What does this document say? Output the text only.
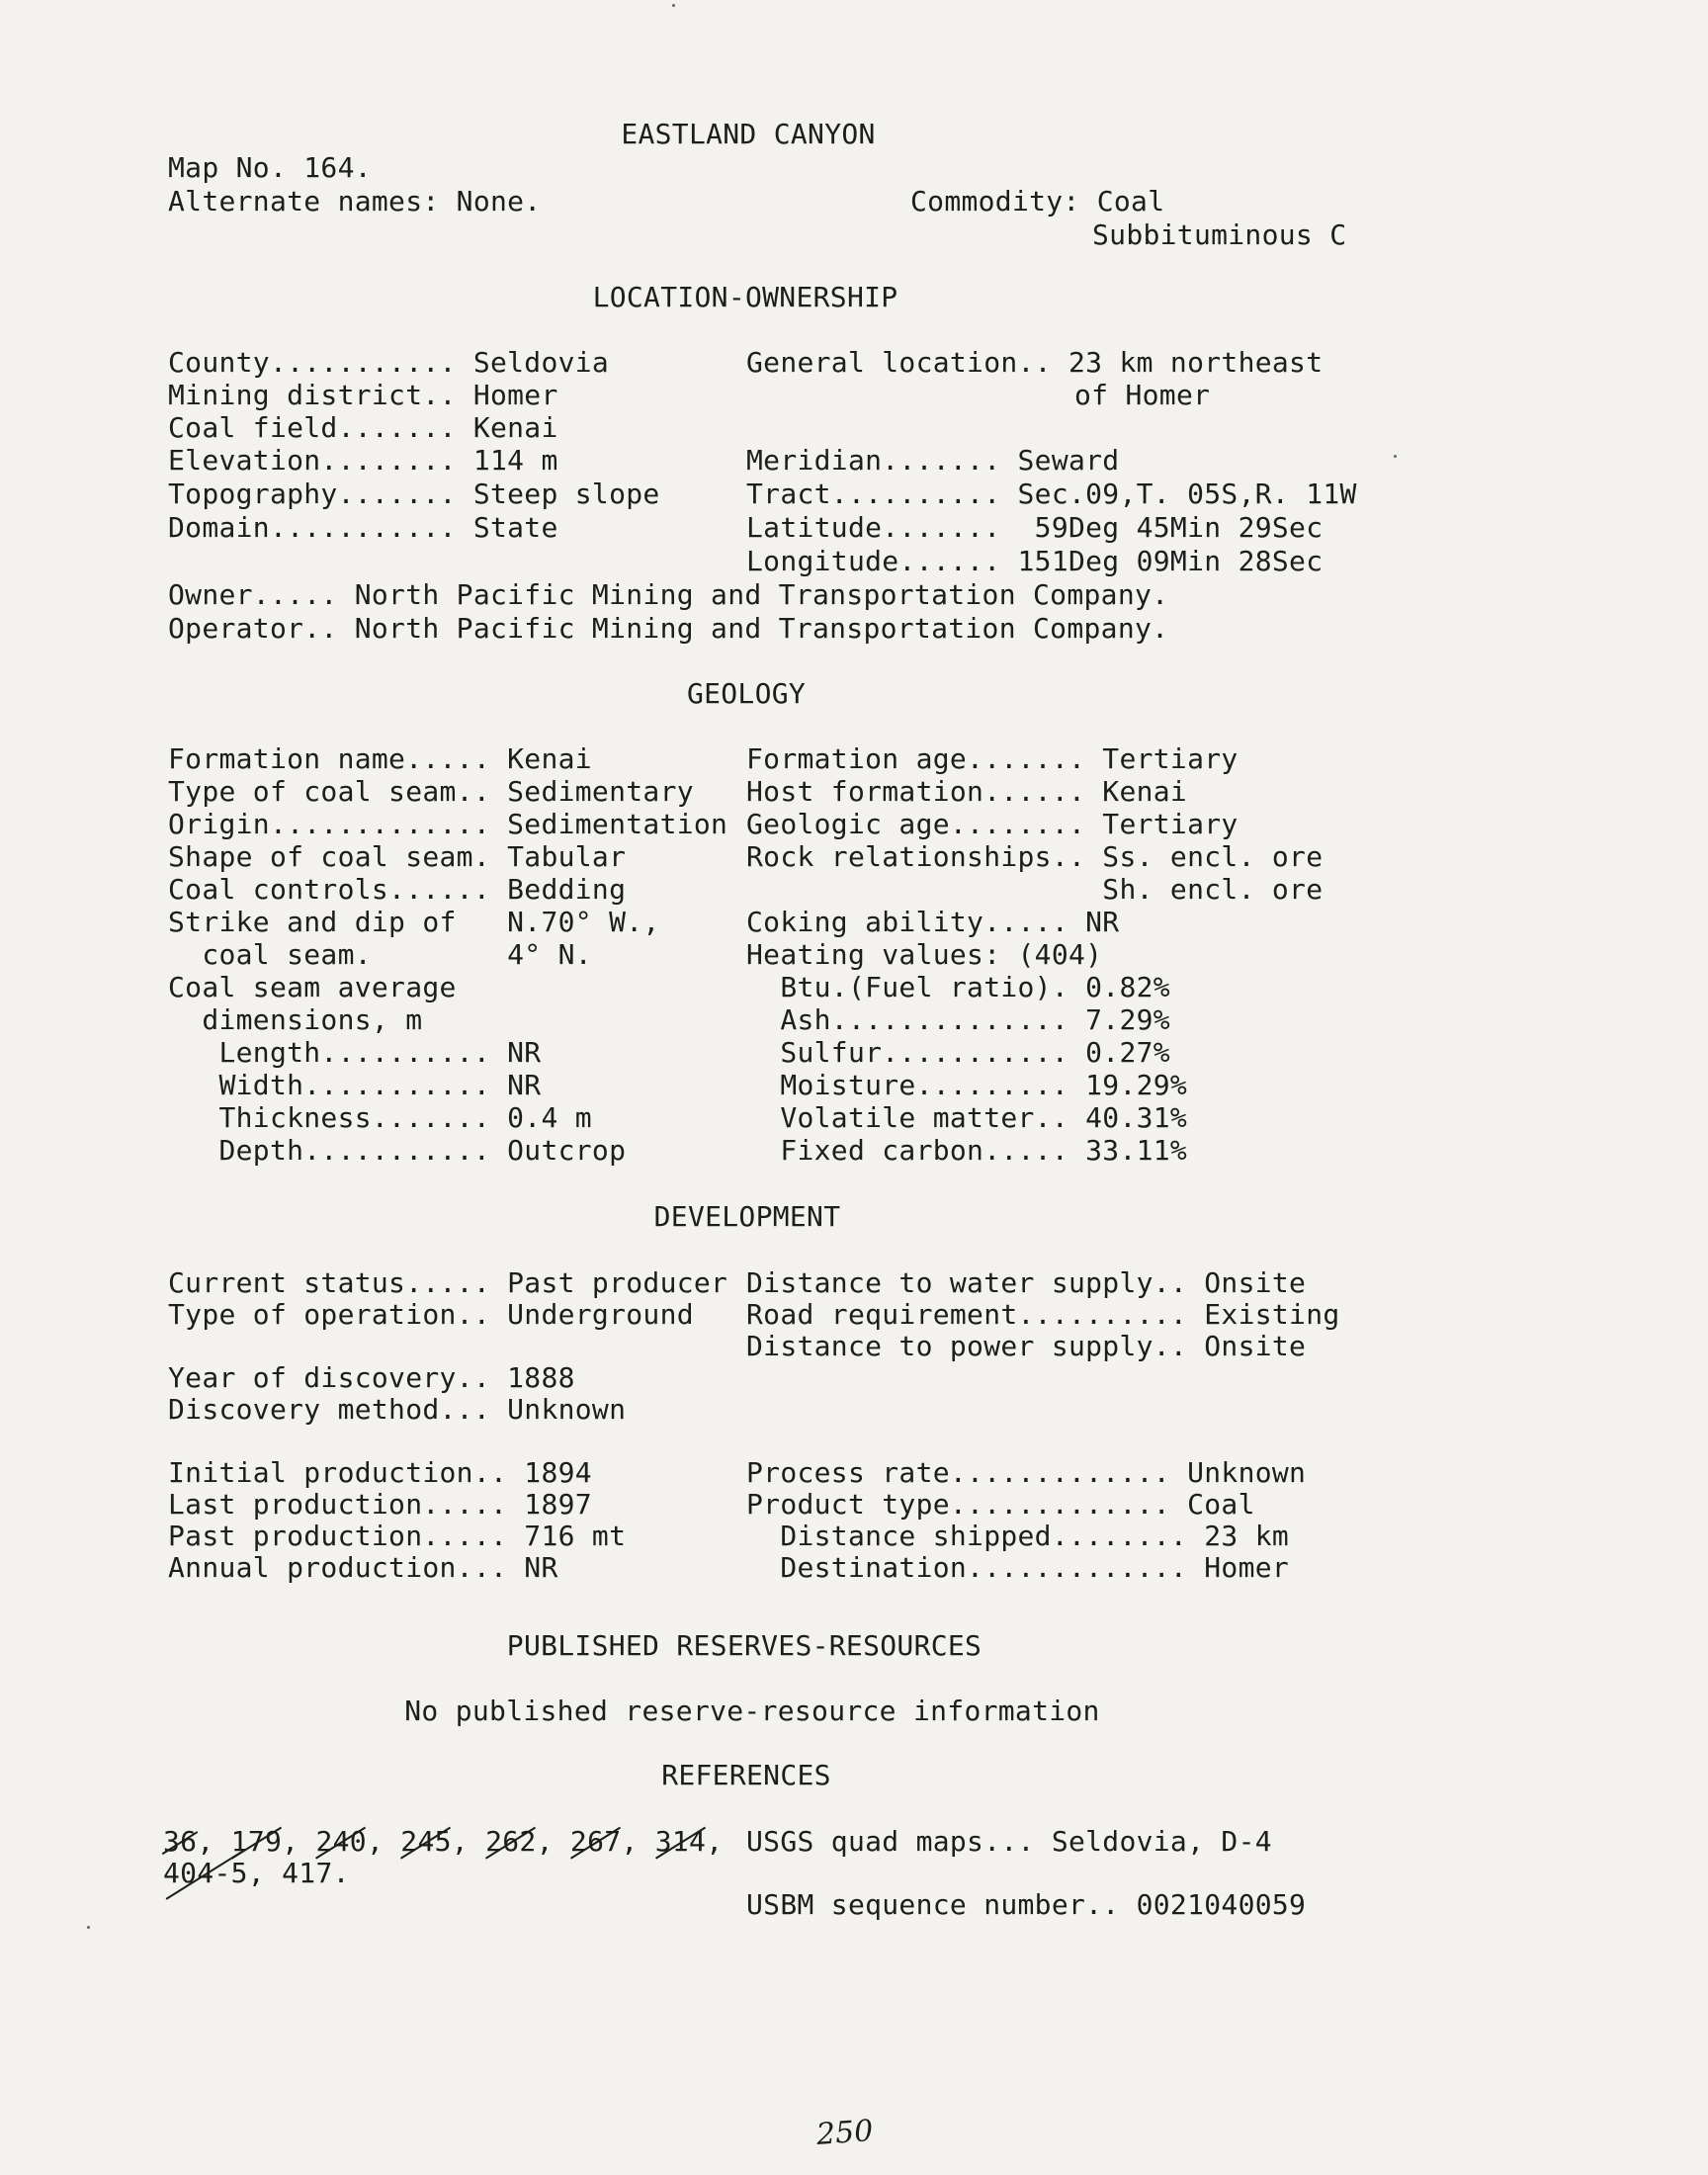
EASTLAND CANYON
Map No. 164.
Alternate names: None.	Commodity: Coal
Subbituminous C
LOCATION-OWNERSHIP
County........... Seldovia
Mining district.. Homer
Coal field....... Kenai
Elevation........ 114 m
Topography....... Steep slope
Domain........... State
General location.. 23 km northeast
of Homer
Meridian....... Seward
Tract.......... Sec.09,T. 05S,R. 11W
Latitude.......  59Deg 45Min 29Sec
Longitude...... 151Deg 09Min 28Sec
Owner..... North Pacific Mining and Transportation Company.
Operator.. North Pacific Mining and Transportation Company.
GEOLOGY
Formation name..... Kenai
Type of coal seam.. Sedimentary
Origin............. Sedimentation
Shape of coal seam. Tabular
Coal controls...... Bedding
Strike and dip of   N.70° W.,
coal seam.        4° N.
Coal seam average
dimensions, m
Length.......... NR
Width........... NR
Thickness....... 0.4 m
Depth........... Outcrop
Formation age....... Tertiary
Host formation...... Kenai
Geologic age........ Tertiary
Rock relationships.. Ss. encl. ore
Sh. encl. ore
Coking ability..... NR
Heating values: (404)
Btu.(Fuel ratio). 0.82%
Ash.............. 7.29%
Sulfur........... 0.27%
Moisture......... 19.29%
Volatile matter.. 40.31%
Fixed carbon..... 33.11%
DEVELOPMENT
Current status..... Past producer
Type of operation.. Underground
Year of discovery.. 1888
Discovery method... Unknown
Initial production.. 1894
Last production..... 1897
Past production..... 716 mt
Annual production... NR
Distance to water supply.. Onsite
Road requirement.......... Existing
Distance to power supply.. Onsite
Process rate............. Unknown
Product type............. Coal
Distance shipped........ 23 km
Destination............. Homer
PUBLISHED RESERVES-RESOURCES
No published reserve-resource information
REFERENCES
36, 179, 240, 245, 262, 267, 314,
404-5, 417.
USGS quad maps... Seldovia, D-4
USBM sequence number.. 0021040059
250
